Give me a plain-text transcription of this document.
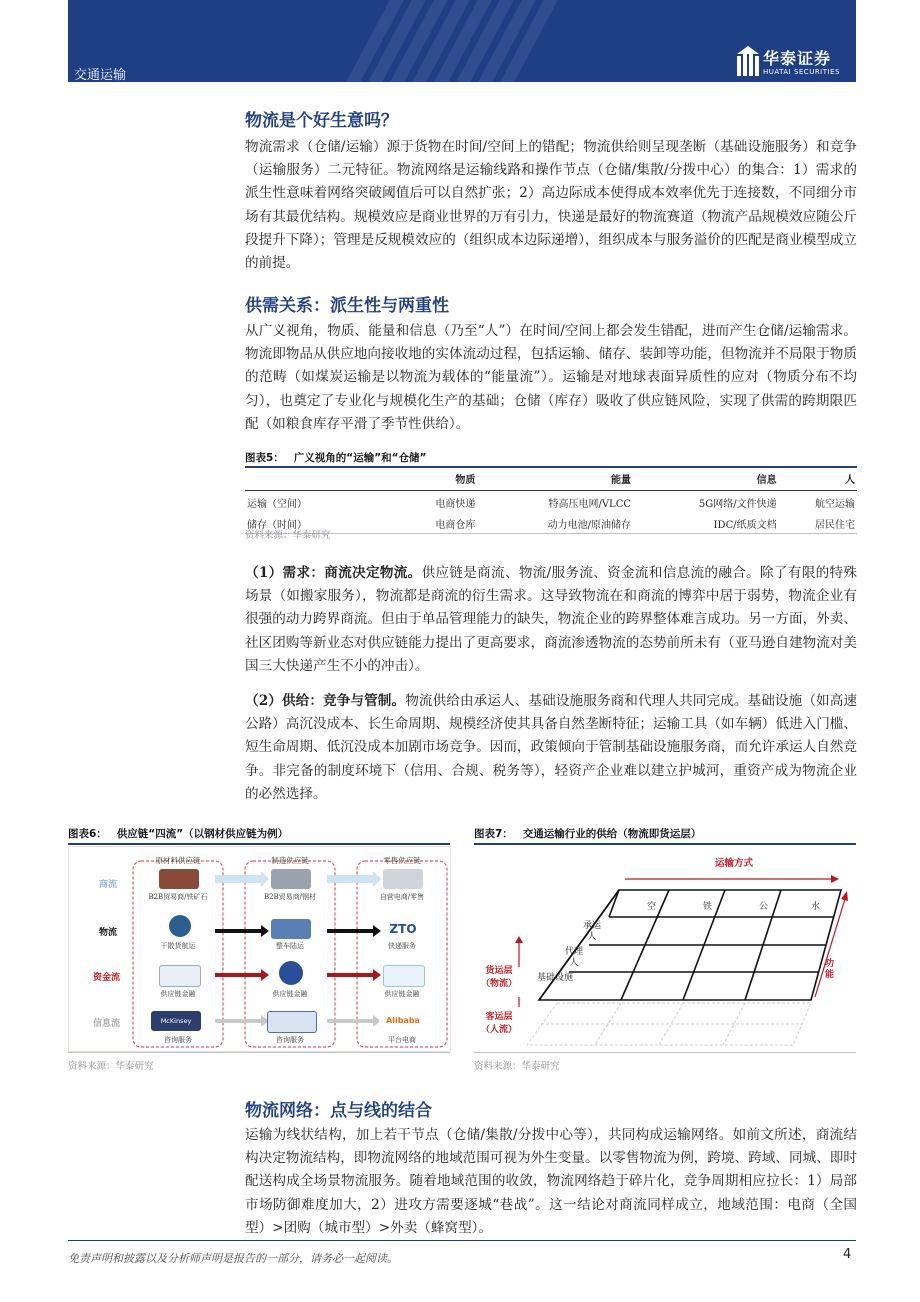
交通运输
华泰证券
HUATAI SECURITIES
物流是个好生意吗？
物流需求（仓储/运输）源于货物在时间/空间上的错配；物流供给则呈现垄断（基础设施服务）和竞争（运输服务）二元特征。物流网络是运输线路和操作节点（仓储/集散/分拨中心）的集合：1）需求的派生性意味着网络突破阈值后可以自然扩张；2）高边际成本使得成本效率优先于连接数，不同细分市场有其最优结构。规模效应是商业世界的万有引力，快递是最好的物流赛道（物流产品规模效应随公斤段提升下降）；管理是反规模效应的（组织成本边际递增），组织成本与服务溢价的匹配是商业模型成立的前提。
供需关系：派生性与两重性
从广义视角，物质、能量和信息（乃至“人”）在时间/空间上都会发生错配，进而产生仓储/运输需求。物流即物品从供应地向接收地的实体流动过程，包括运输、储存、装卸等功能，但物流并不局限于物质的范畴（如煤炭运输是以物流为载体的“能量流”）。运输是对地球表面异质性的应对（物质分布不均匀），也奠定了专业化与规模化生产的基础；仓储（库存）吸收了供应链风险，实现了供需的跨期限匹配（如粮食库存平滑了季节性供给）。
图表5： 广义视角的“运输”和“仓储”
	物质	能量	信息	人
运输（空间）	电商快递	特高压电网/VLCC	5G网络/文件快递	航空运输
储存（时间）	电商仓库	动力电池/原油储存	IDC/纸质文档	居民住宅
资料来源：华泰研究
（1）需求：商流决定物流。供应链是商流、物流/服务流、资金流和信息流的融合。除了有限的特殊场景（如搬家服务），物流都是商流的衍生需求。这导致物流在和商流的博弈中居于弱势，物流企业有很强的动力跨界商流。但由于单品管理能力的缺失，物流企业的跨界整体难言成功。另一方面，外卖、社区团购等新业态对供应链能力提出了更高要求，商流渗透物流的态势前所未有（亚马逊自建物流对美国三大快递产生不小的冲击）。
（2）供给：竞争与管制。物流供给由承运人、基础设施服务商和代理人共同完成。基础设施（如高速公路）高沉没成本、长生命周期、规模经济使其具备自然垄断特征；运输工具（如车辆）低进入门槛、短生命周期、低沉没成本加剧市场竞争。因而，政策倾向于管制基础设施服务商，而允许承运人自然竞争。非完备的制度环境下（信用、合规、税务等），轻资产企业难以建立护城河，重资产成为物流企业的必然选择。
图表6： 供应链“四流”（以钢材供应链为例）
原材料供应链	制造供应链	零售供应链
商流
物流
资金流
信息流
B2B贸易商/铁矿石	B2B贸易商/钢材	自营电商/零售
干散货航运	整车陆运
ZTO
快递服务
供应链金融	供应链金融	供应链金融
McKinsey
咨询服务	咨询服务
Alibaba
平台电商
资料来源：华泰研究
图表7： 交通运输行业的供给（物流即货运层）
运输方式
空	铁	公	水
承运人
代理人
基础设施
功能
货运层
（物流）
客运层
（人流）
资料来源：华泰研究
物流网络：点与线的结合
运输为线状结构，加上若干节点（仓储/集散/分拨中心等），共同构成运输网络。如前文所述，商流结构决定物流结构，即物流网络的地域范围可视为外生变量。以零售物流为例，跨境、跨域、同城、即时配送构成全场景物流服务。随着地域范围的收敛，物流网络趋于碎片化，竞争周期相应拉长：1）局部市场防御难度加大，2）进攻方需要逐城“巷战”。这一结论对商流同样成立，地域范围：电商（全国型）>团购（城市型）>外卖（蜂窝型）。
免责声明和披露以及分析师声明是报告的一部分，请务必一起阅读。	4
